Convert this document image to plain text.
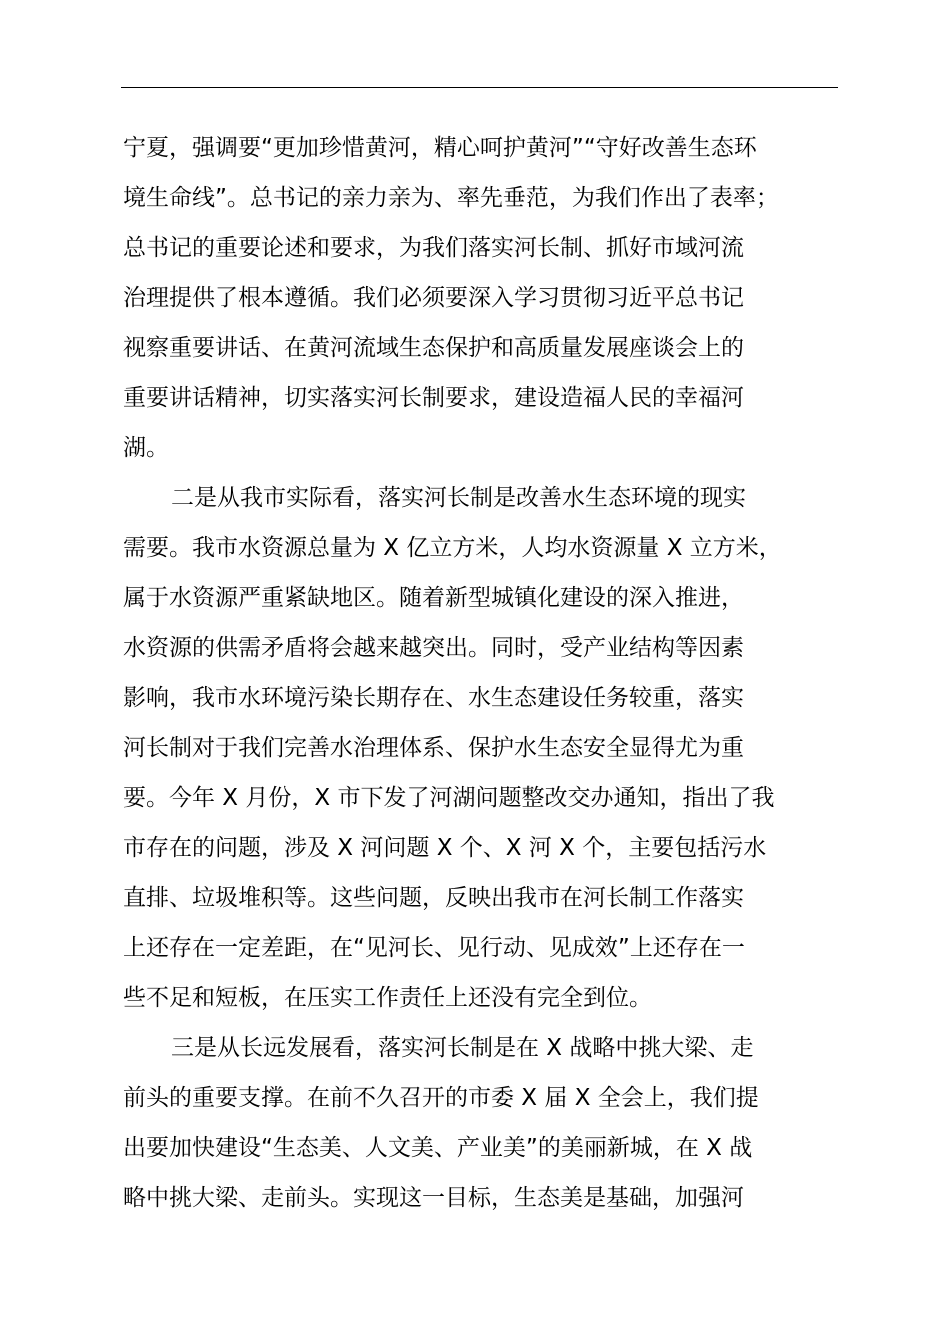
宁夏，强调要“更加珍惜黄河，精心呵护黄河”“守好改善生态环
境生命线”。总书记的亲力亲为、率先垂范，为我们作出了表率；
总书记的重要论述和要求，为我们落实河长制、抓好市域河流
治理提供了根本遵循。我们必须要深入学习贯彻习近平总书记
视察重要讲话、在黄河流域生态保护和高质量发展座谈会上的
重要讲话精神，切实落实河长制要求，建设造福人民的幸福河
湖。
二是从我市实际看，落实河长制是改善水生态环境的现实
需要。我市水资源总量为 X 亿立方米，人均水资源量 X 立方米，
属于水资源严重紧缺地区。随着新型城镇化建设的深入推进，
水资源的供需矛盾将会越来越突出。同时，受产业结构等因素
影响，我市水环境污染长期存在、水生态建设任务较重，落实
河长制对于我们完善水治理体系、保护水生态安全显得尤为重
要。今年 X 月份，X 市下发了河湖问题整改交办通知，指出了我
市存在的问题，涉及 X 河问题 X 个、X 河 X 个，主要包括污水
直排、垃圾堆积等。这些问题，反映出我市在河长制工作落实
上还存在一定差距，在“见河长、见行动、见成效”上还存在一
些不足和短板，在压实工作责任上还没有完全到位。
三是从长远发展看，落实河长制是在 X 战略中挑大梁、走
前头的重要支撑。在前不久召开的市委 X 届 X 全会上，我们提
出要加快建设“生态美、人文美、产业美”的美丽新城，在 X 战
略中挑大梁、走前头。实现这一目标，生态美是基础，加强河
